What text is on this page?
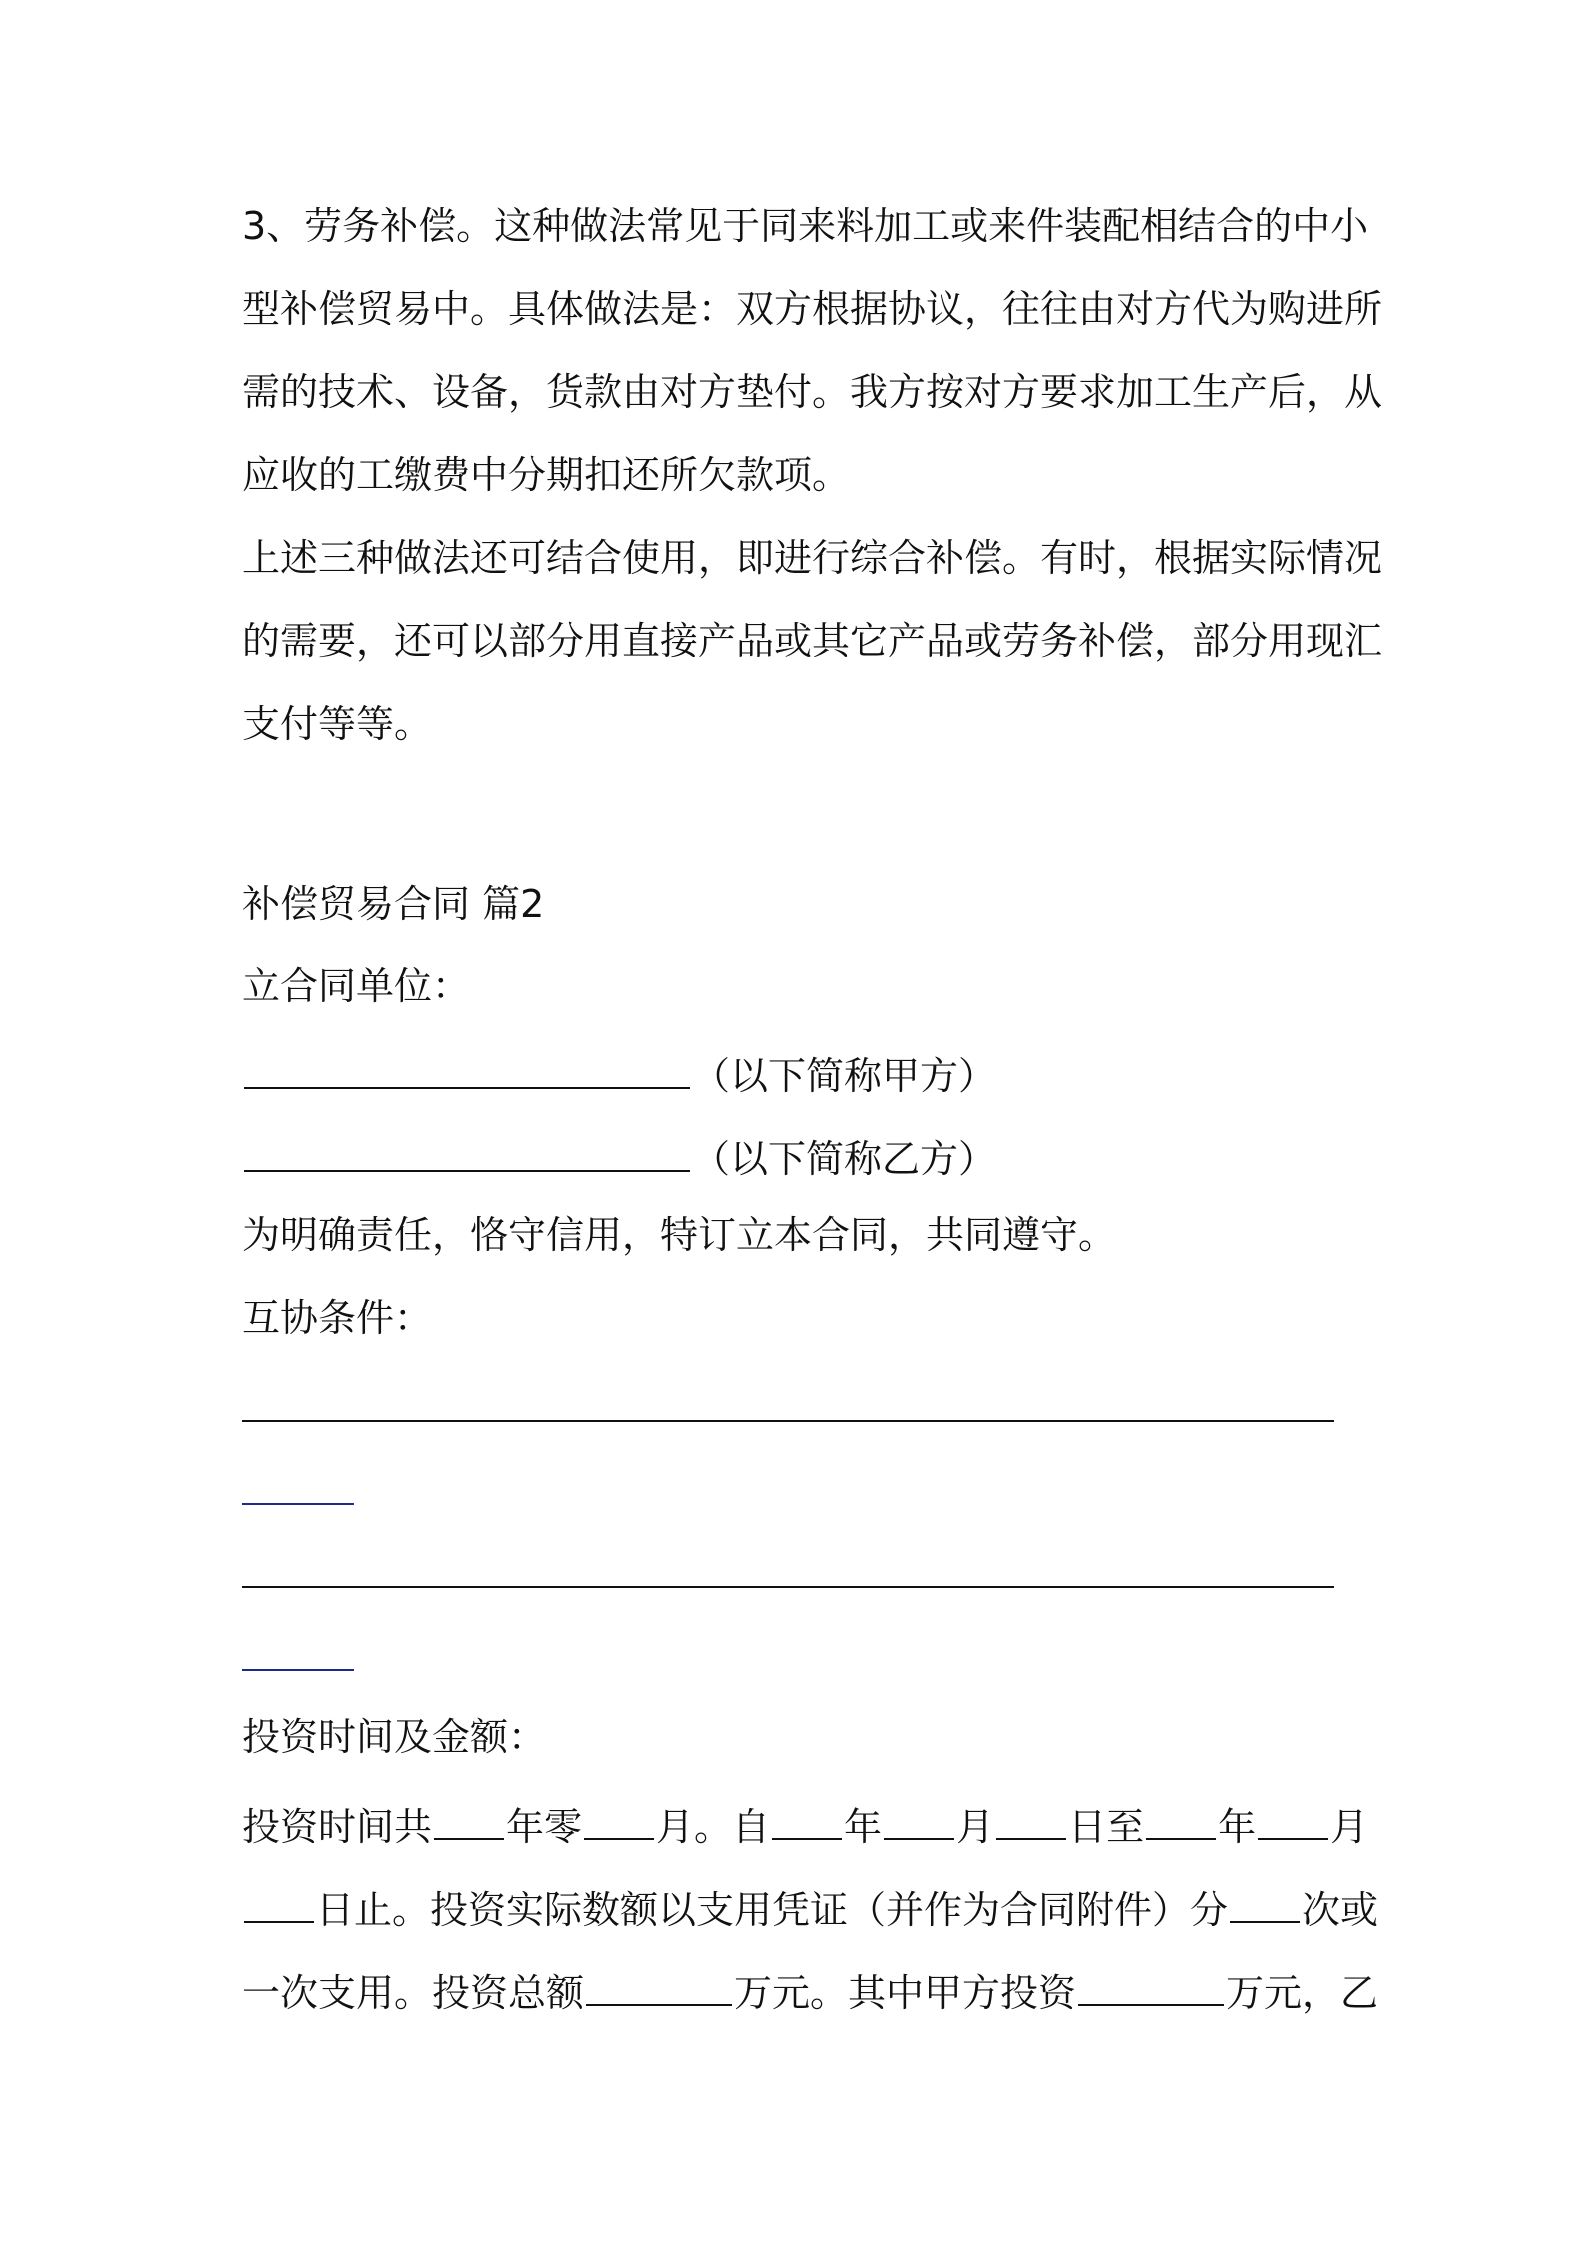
3、劳务补偿。这种做法常见于同来料加工或来件装配相结合的中小
型补偿贸易中。具体做法是：双方根据协议，往往由对方代为购进所
需的技术、设备，货款由对方垫付。我方按对方要求加工生产后，从
应收的工缴费中分期扣还所欠款项。
上述三种做法还可结合使用，即进行综合补偿。有时，根据实际情况
的需要，还可以部分用直接产品或其它产品或劳务补偿，部分用现汇
支付等等。
补偿贸易合同 篇2
立合同单位：
（以下简称甲方）
（以下简称乙方）
为明确责任，恪守信用，特订立本合同，共同遵守。
互协条件：
投资时间及金额：
投资时间共 年零 月。自 年 月 日至 年 月
日止。投资实际数额以支用凭证（并作为合同附件）分 次或
一次支用。投资总额	万元。其中甲方投资	万元，乙
